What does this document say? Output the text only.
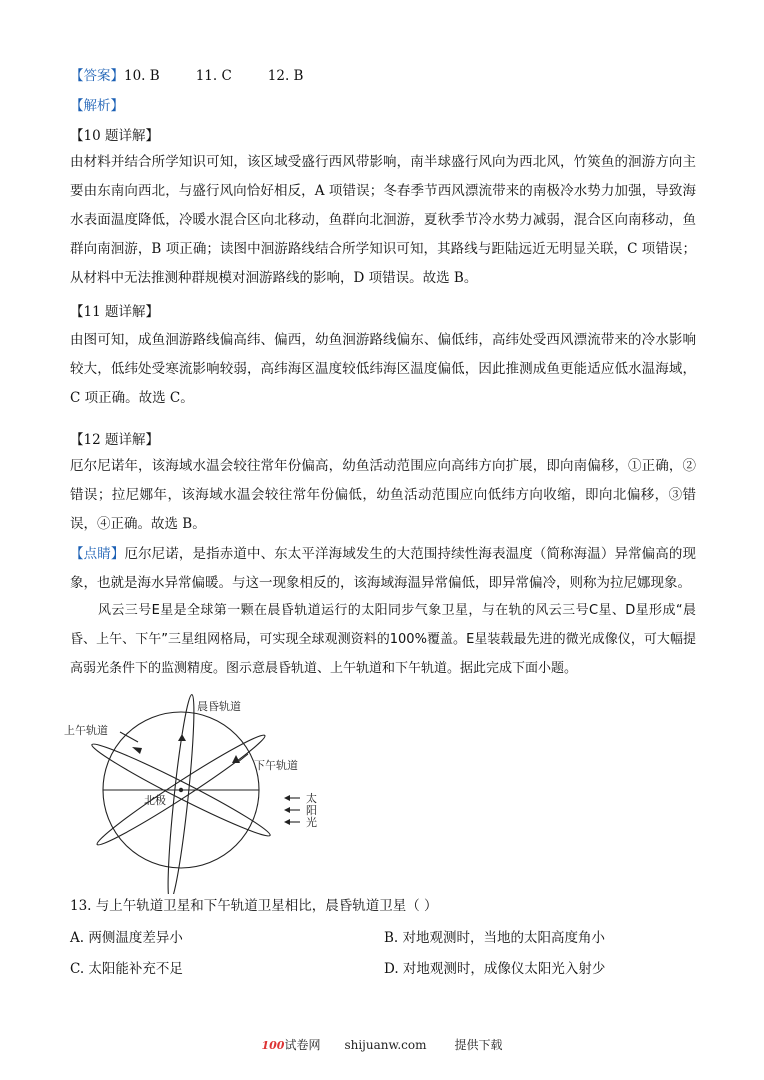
【答案】10. B	11. C	12. B
【解析】
【10 题详解】
由材料并结合所学知识可知，该区域受盛行西风带影响，南半球盛行风向为西北风，竹筴鱼的洄游方向主要由东南向西北，与盛行风向恰好相反，A 项错误；冬春季节西风漂流带来的南极冷水势力加强，导致海水表面温度降低，冷暖水混合区向北移动，鱼群向北洄游，夏秋季节冷水势力减弱，混合区向南移动，鱼群向南洄游，B 项正确；读图中洄游路线结合所学知识可知，其路线与距陆远近无明显关联，C 项错误；从材料中无法推测种群规模对洄游路线的影响，D 项错误。故选 B。
【11 题详解】
由图可知，成鱼洄游路线偏高纬、偏西，幼鱼洄游路线偏东、偏低纬，高纬处受西风漂流带来的冷水影响较大，低纬处受寒流影响较弱，高纬海区温度较低纬海区温度偏低，因此推测成鱼更能适应低水温海域，C 项正确。故选 C。
【12 题详解】
厄尔尼诺年，该海域水温会较往常年份偏高，幼鱼活动范围应向高纬方向扩展，即向南偏移，①正确，②错误；拉尼娜年，该海域水温会较往常年份偏低，幼鱼活动范围应向低纬方向收缩，即向北偏移，③错误，④正确。故选 B。
【点睛】厄尔尼诺，是指赤道中、东太平洋海域发生的大范围持续性海表温度（简称海温）异常偏高的现象，也就是海水异常偏暖。与这一现象相反的，该海域海温异常偏低，即异常偏冷，则称为拉尼娜现象。
风云三号E星是全球第一颗在晨昏轨道运行的太阳同步气象卫星，与在轨的风云三号C星、D星形成“晨昏、上午、下午”三星组网格局，可实现全球观测资料的100%覆盖。E星装载最先进的微光成像仪，可大幅提高弱光条件下的监测精度。图示意晨昏轨道、上午轨道和下午轨道。据此完成下面小题。
晨昏轨道
上午轨道
下午轨道
北极	太
阳
光
13. 与上午轨道卫星和下午轨道卫星相比，晨昏轨道卫星（ ）
A. 两侧温度差异小	B. 对地观测时，当地的太阳高度角小
C. 太阳能补充不足	D. 对地观测时，成像仪太阳光入射少
100试卷网 shijuanw.com 提供下载
